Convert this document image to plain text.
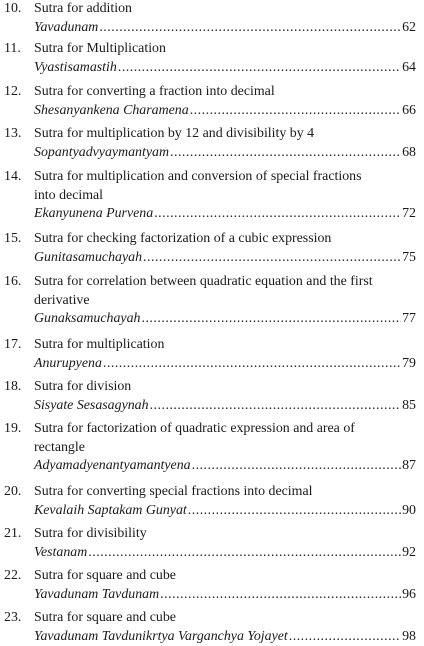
10. Sutra for addition
Yavadunam .....	62
11. Sutra for Multiplication
Vyastisamastih .....	64
12. Sutra for converting a fraction into decimal
Shesanyankena Charamena .....	66
13. Sutra for multiplication by 12 and divisibility by 4
Sopantyadvyaymantyam .....	68
14. Sutra for multiplication and conversion of special fractions
into decimal
Ekanyunena Purvena .....	72
15. Sutra for checking factorization of a cubic expression
Gunitasamuchayah .....	75
16. Sutra for correlation between quadratic equation and the first
derivative
Gunaksamuchayah .....	77
17. Sutra for multiplication
Anurupyena .....	79
18. Sutra for division
Sisyate Sesasagynah .....	85
19. Sutra for factorization of quadratic expression and area of
rectangle
Adyamadyenantyamantyena .....	87
20. Sutra for converting special fractions into decimal
Kevalaih Saptakam Gunyat .....	90
21. Sutra for divisibility
Vestanam .....	92
22. Sutra for square and cube
Yavadunam Tavdunam .....	96
23. Sutra for square and cube
Yavadunam Tavdunikrtya Varganchya Yojayet .....	98
